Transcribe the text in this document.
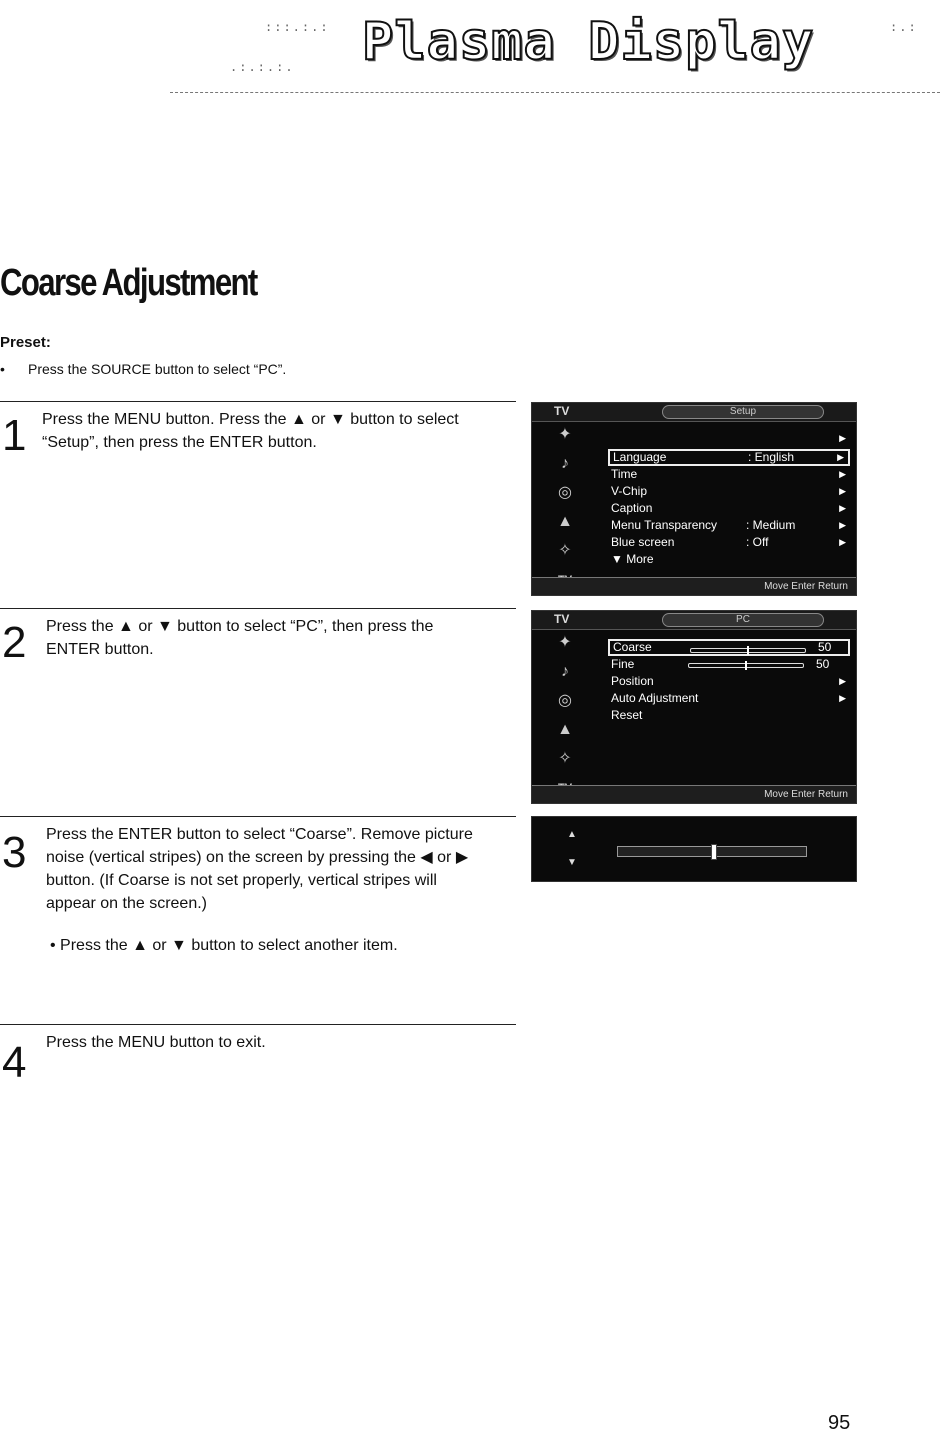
:::.:.:
.:.:.:.
:.:
Plasma Display
Coarse Adjustment
Preset:
• Press the SOURCE button to select “PC”.
1 Press the MENU button. Press the ▲ or ▼ button to select “Setup”, then press the ENTER button.
2 Press the ▲ or ▼ button to select “PC”, then press the ENTER button.
3 Press the ENTER button to select “Coarse”. Remove picture noise (vertical stripes) on the screen by pressing the ◀ or ▶ button. (If Coarse is not set properly, vertical stripes will appear on the screen.)
• Press the ▲ or ▼ button to select another item.
4 Press the MENU button to exit.
TV	Setup
✦
♪
◎
▲
✧
▶
Language	: English	▶
Time	▶
V-Chip	▶
Caption	▶
Menu Transparency : Medium	▶
Blue screen	: Off	▶
▼ More
Move Enter Return
TV	PC
✦
♪
◎
▲
✧
Coarse	50
Fine	50
Position	▶
Auto Adjustment	▶
Reset
Move Enter Return
▲
▼
95
